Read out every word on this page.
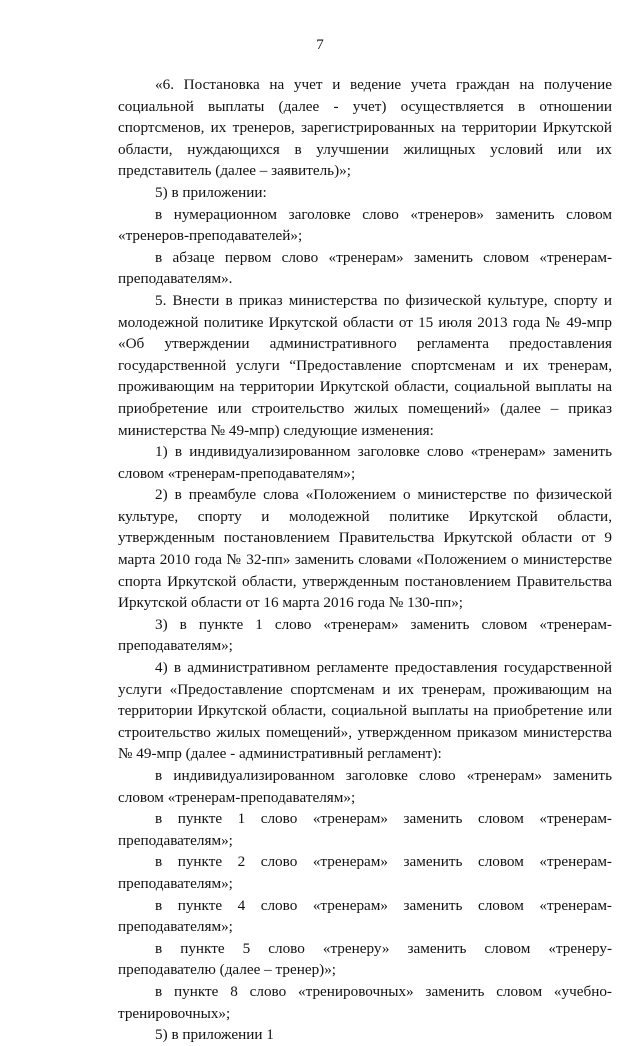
7

«6. Постановка на учет и ведение учета граждан на получение социальной выплаты (далее - учет) осуществляется в отношении спортсменов, их тренеров, зарегистрированных на территории Иркутской области, нуждающихся в улучшении жилищных условий или их представитель (далее – заявитель)»;

5) в приложении:

в нумерационном заголовке слово «тренеров» заменить словом «тренеров-преподавателей»;

в абзаце первом слово «тренерам» заменить словом «тренерам-преподавателям».

5. Внести в приказ министерства по физической культуре, спорту и молодежной политике Иркутской области от 15 июля 2013 года № 49-мпр «Об утверждении административного регламента предоставления государственной услуги “Предоставление спортсменам и их тренерам, проживающим на территории Иркутской области, социальной выплаты на приобретение или строительство жилых помещений» (далее – приказ министерства № 49-мпр) следующие изменения:

1) в индивидуализированном заголовке слово «тренерам» заменить словом «тренерам-преподавателям»;

2) в преамбуле слова «Положением о министерстве по физической культуре, спорту и молодежной политике Иркутской области, утвержденным постановлением Правительства Иркутской области от 9 марта 2010 года № 32-пп» заменить словами «Положением о министерстве спорта Иркутской области, утвержденным постановлением Правительства Иркутской области от 16 марта 2016 года № 130-пп»;

3) в пункте 1 слово «тренерам» заменить словом «тренерам-преподавателям»;

4) в административном регламенте предоставления государственной услуги «Предоставление спортсменам и их тренерам, проживающим на территории Иркутской области, социальной выплаты на приобретение или строительство жилых помещений», утвержденном приказом министерства № 49-мпр (далее - административный регламент):

в индивидуализированном заголовке слово «тренерам» заменить словом «тренерам-преподавателям»;

в пункте 1 слово «тренерам» заменить словом «тренерам-преподавателям»;

в пункте 2 слово «тренерам» заменить словом «тренерам-преподавателям»;

в пункте 4 слово «тренерам» заменить словом «тренерам-преподавателям»;

в пункте 5 слово «тренеру» заменить словом «тренеру- преподавателю (далее – тренер)»;

в пункте 8 слово «тренировочных» заменить словом «учебно-тренировочных»;

5) в приложении 1
